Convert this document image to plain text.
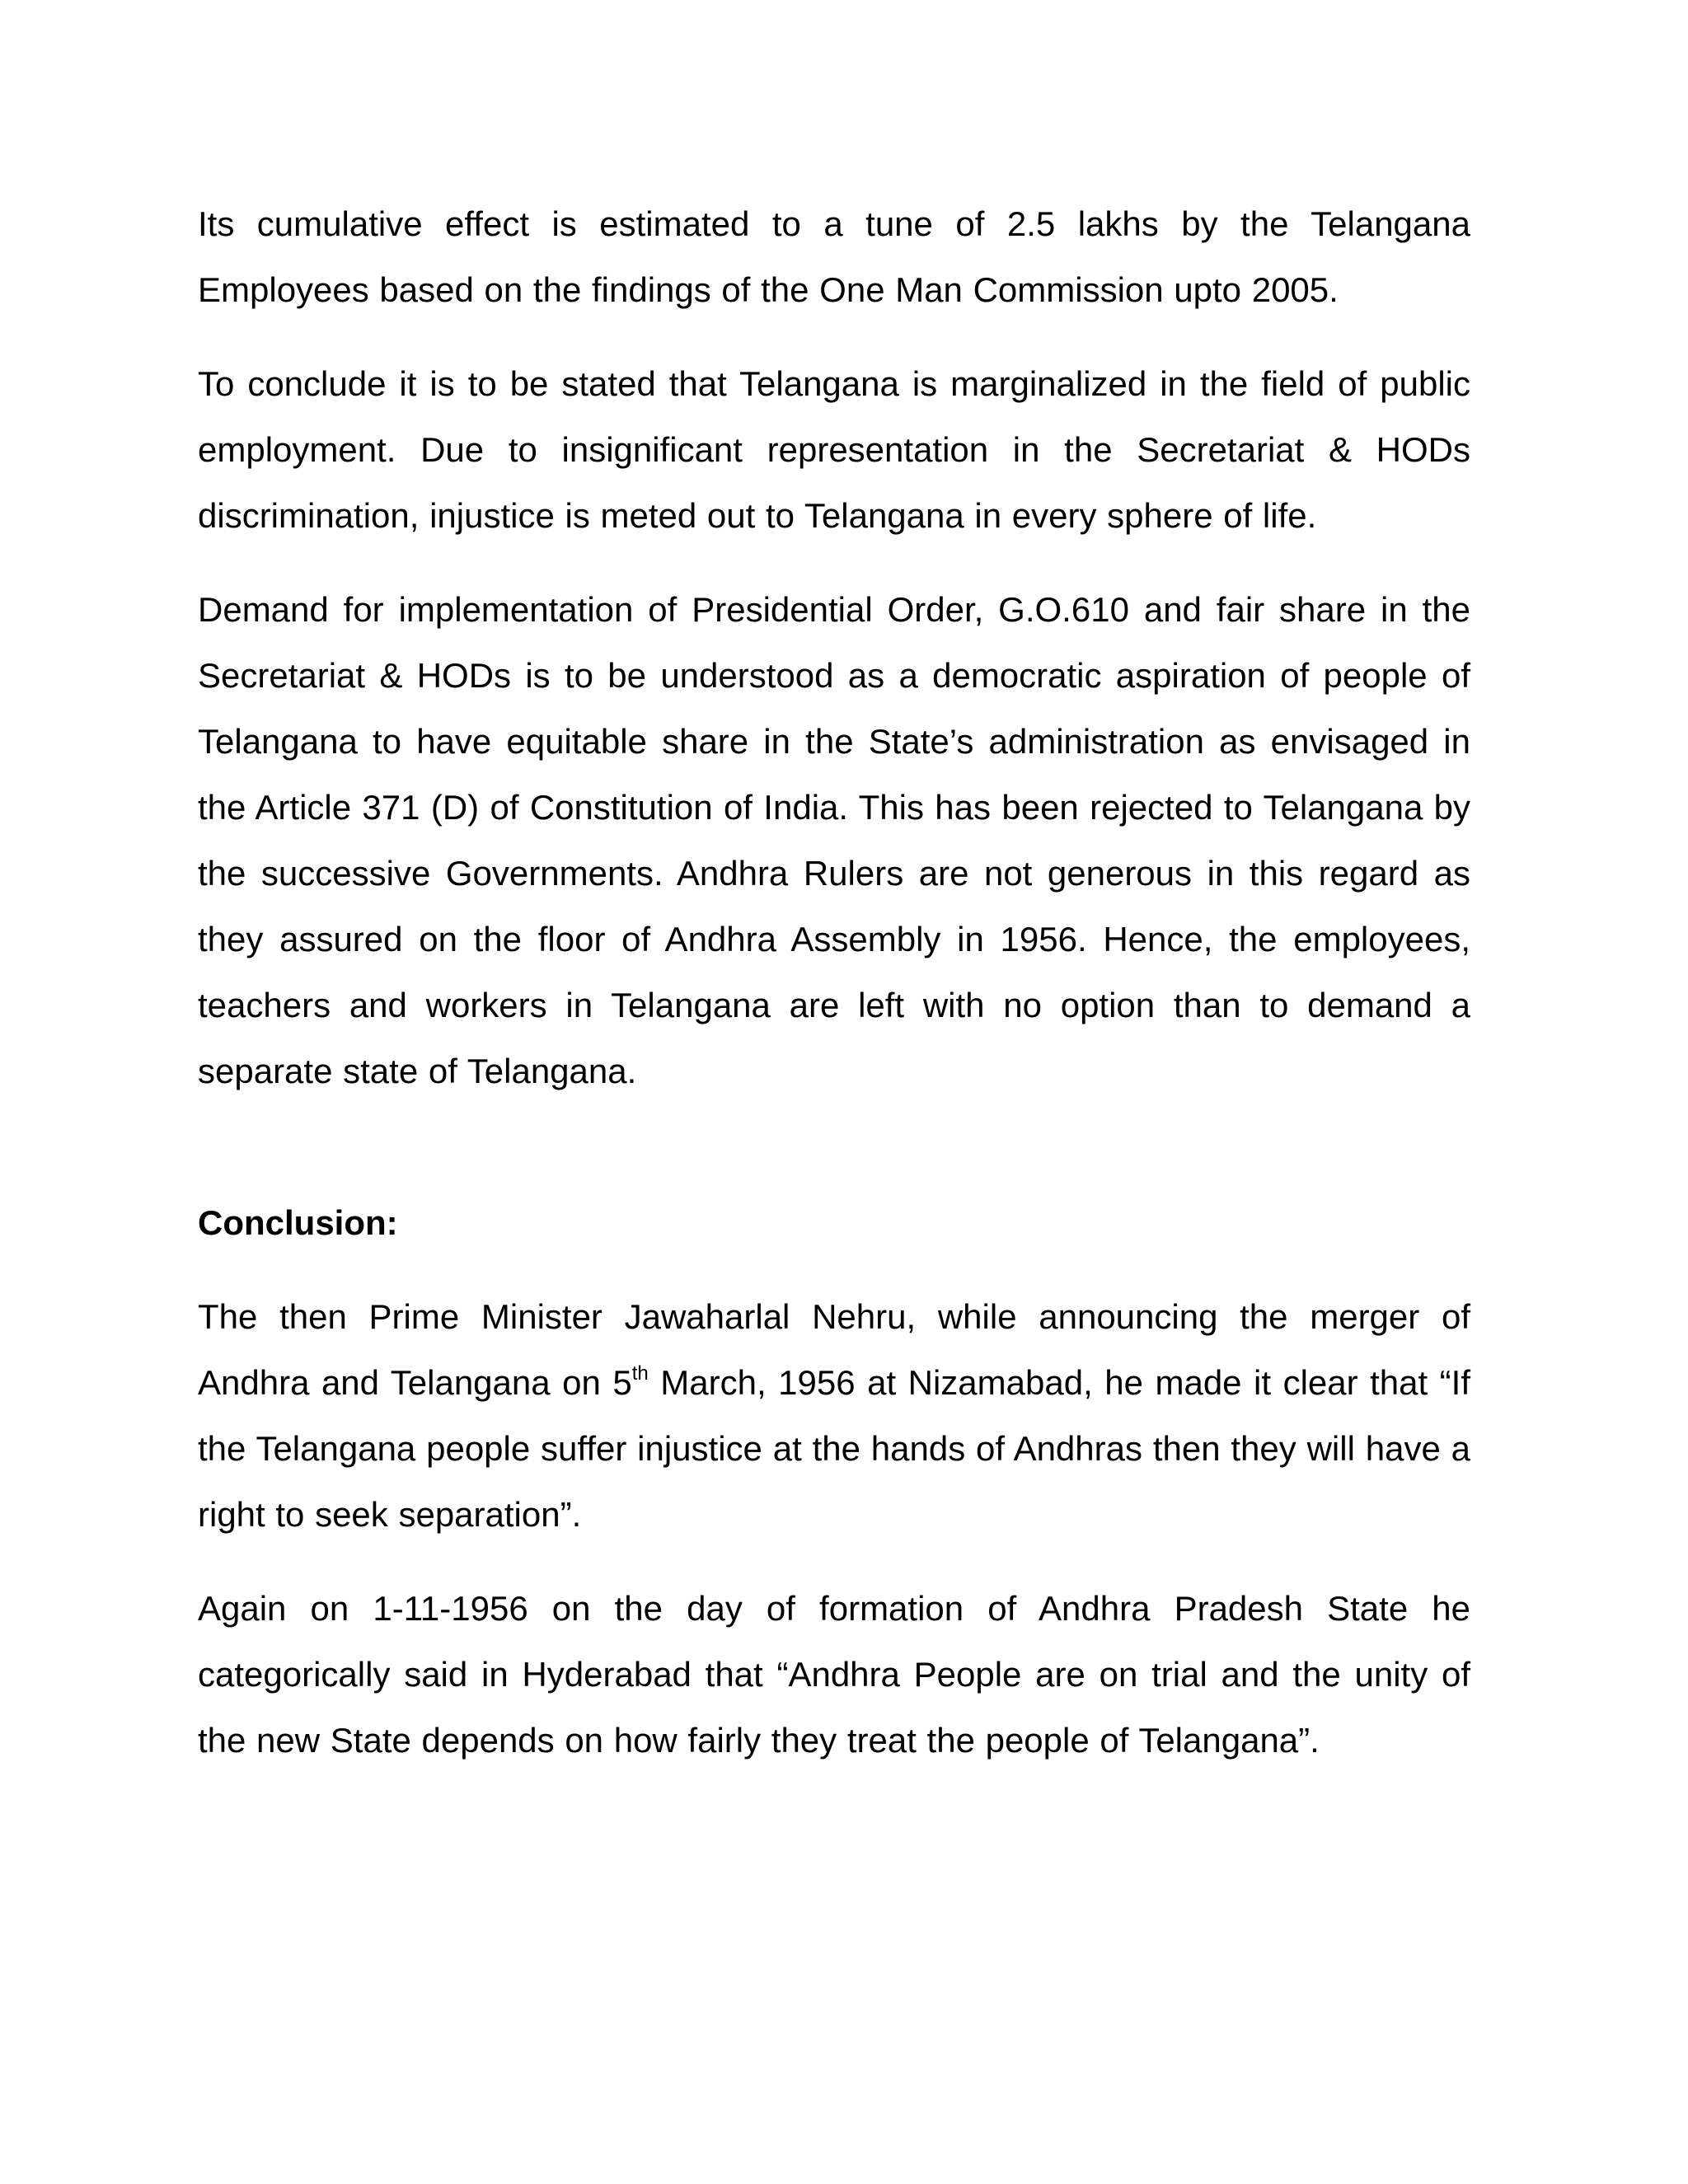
Its cumulative effect is estimated to a tune of 2.5 lakhs by the Telangana Employees based on the findings of the One Man Commission upto 2005.

To conclude it is to be stated that Telangana is marginalized in the field of public employment. Due to insignificant representation in the Secretariat & HODs discrimination, injustice is meted out to Telangana in every sphere of life.

Demand for implementation of Presidential Order, G.O.610 and fair share in the Secretariat & HODs is to be understood as a democratic aspiration of people of Telangana to have equitable share in the State’s administration as envisaged in the Article 371 (D) of Constitution of India. This has been rejected to Telangana by the successive Governments. Andhra Rulers are not generous in this regard as they assured on the floor of Andhra Assembly in 1956. Hence, the employees, teachers and workers in Telangana are left with no option than to demand a separate state of Telangana.

Conclusion:

The then Prime Minister Jawaharlal Nehru, while announcing the merger of Andhra and Telangana on 5th March, 1956 at Nizamabad, he made it clear that “If the Telangana people suffer injustice at the hands of Andhras then they will have a right to seek separation”.

Again on 1-11-1956 on the day of formation of Andhra Pradesh State he categorically said in Hyderabad that “Andhra People are on trial and the unity of the new State depends on how fairly they treat the people of Telangana”.
